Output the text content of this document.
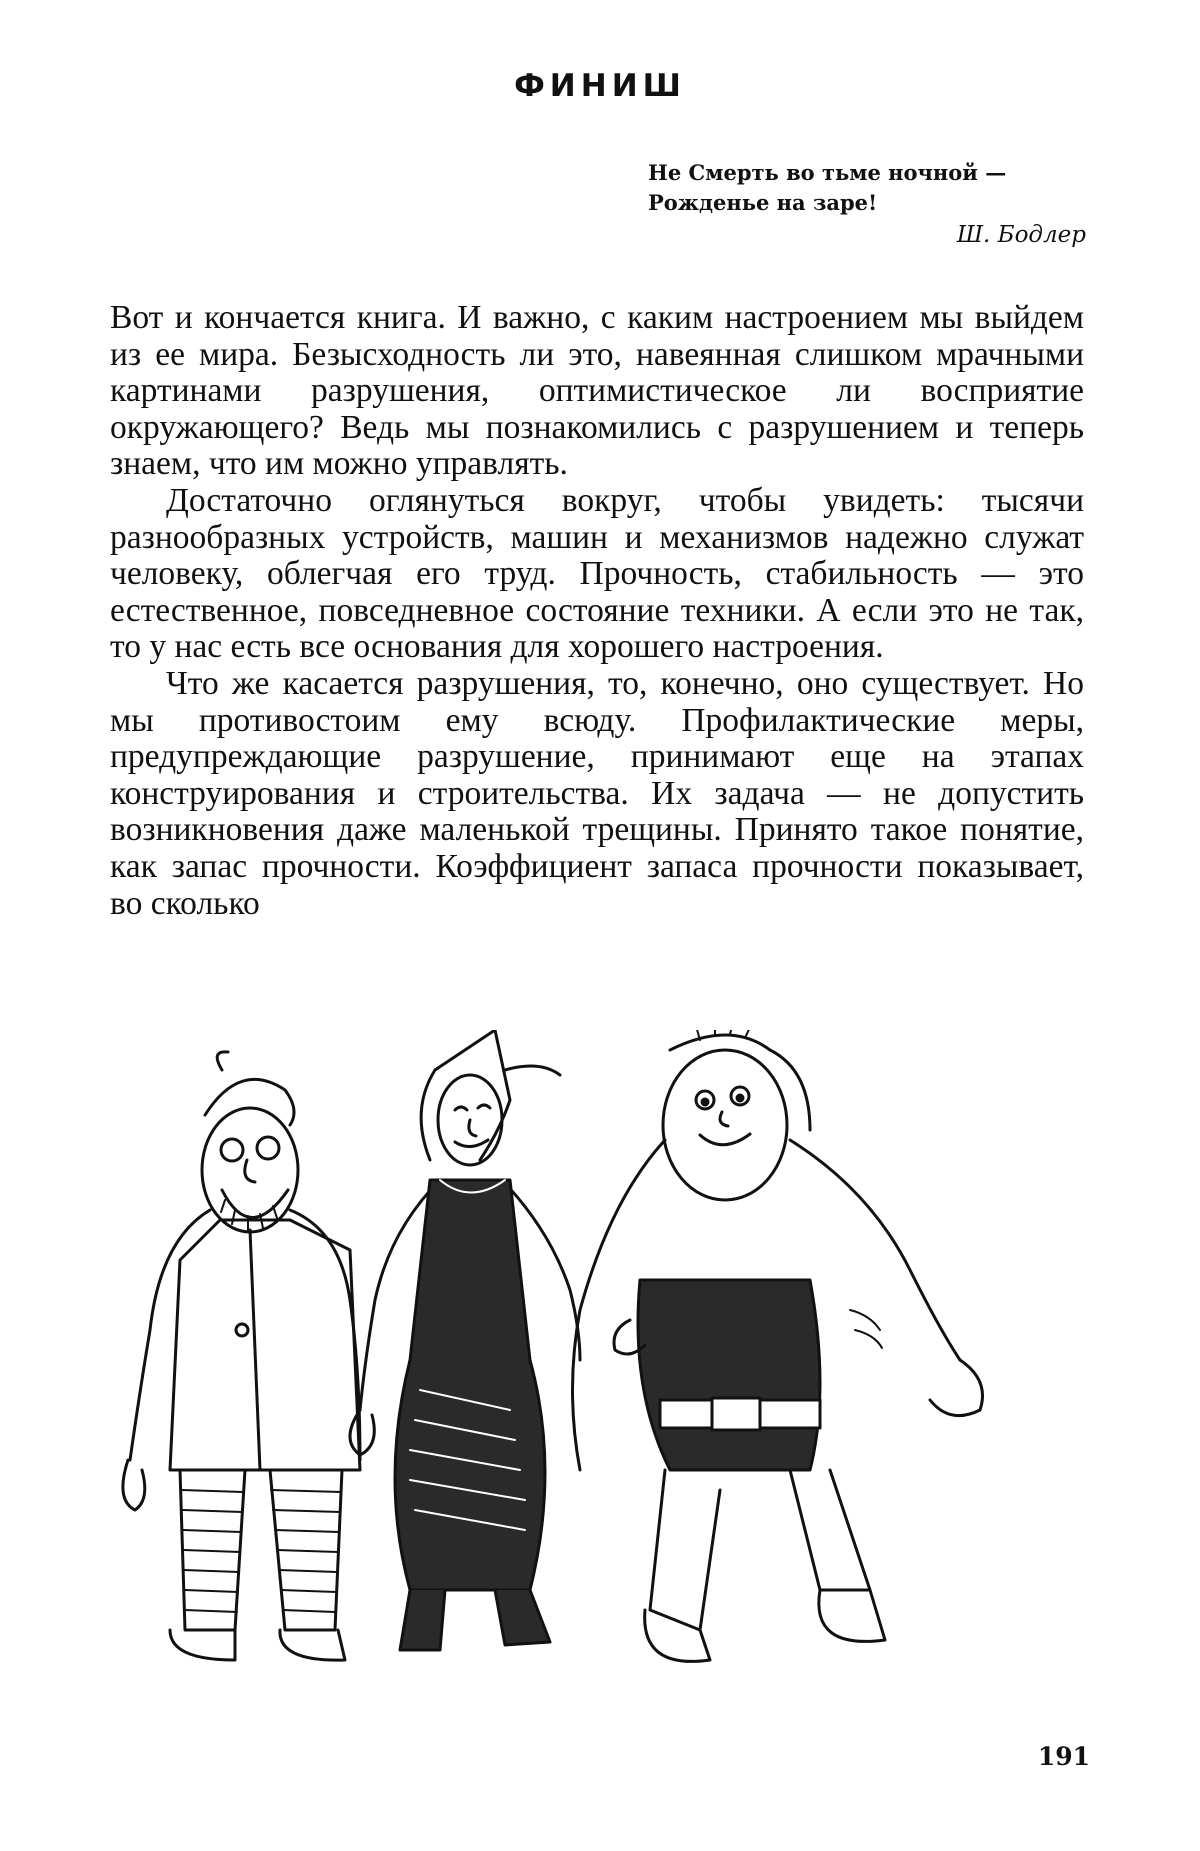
ФИНИШ
Не Смерть во тьме ночной —
Рожденье на заре!
Ш. Бодлер

Вот и кончается книга. И важно, с каким настроением мы выйдем из ее мира. Безысходность ли это, навеянная слишком мрачными картинами разрушения, оптимистическое ли восприятие окружающего? Ведь мы познакомились с разрушением и теперь знаем, что им можно управлять.

Достаточно оглянуться вокруг, чтобы увидеть: тысячи разнообразных устройств, машин и механизмов надежно служат человеку, облегчая его труд. Прочность, стабильность — это естественное, повседневное состояние техники. А если это не так, то у нас есть все основания для хорошего настроения.

Что же касается разрушения, то, конечно, оно существует. Но мы противостоим ему всюду. Профилактические меры, предупреждающие разрушение, принимают еще на этапах конструирования и строительства. Их задача — не допустить возникновения даже маленькой трещины. Принято такое понятие, как запас прочности. Коэффициент запаса прочности показывает, во сколько

191
